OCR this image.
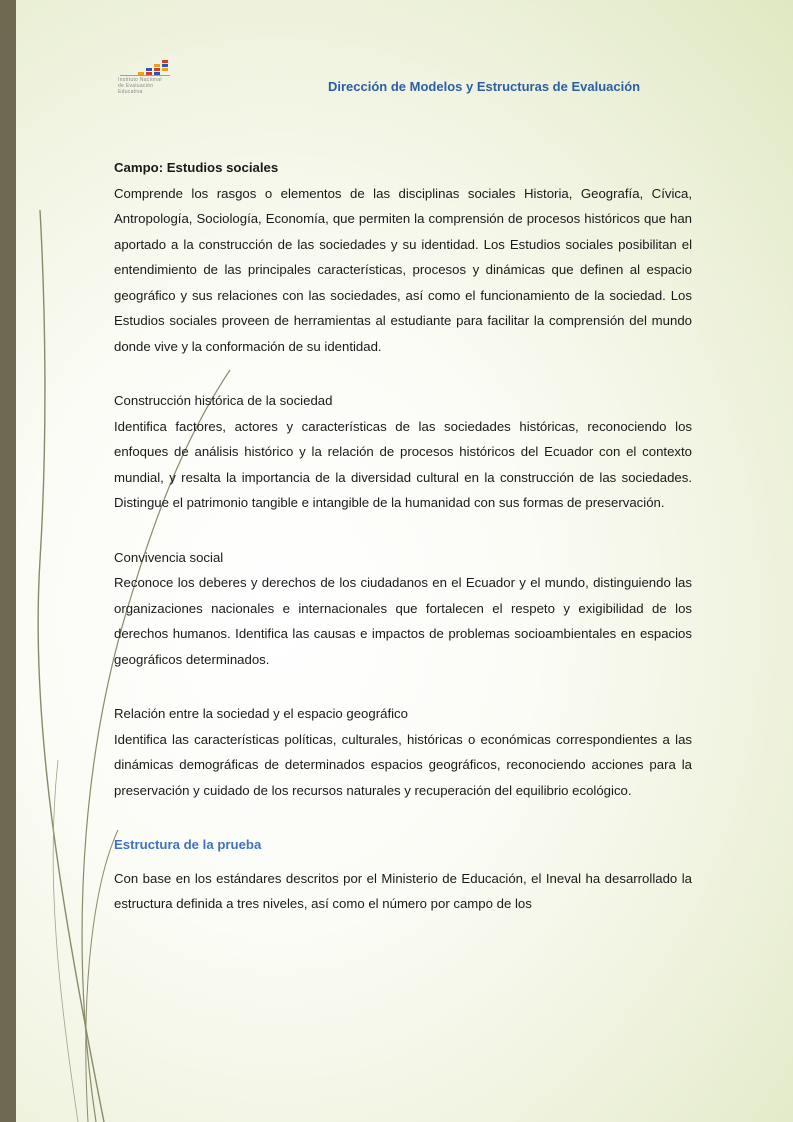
Instituto Nacional
de Evaluación
Educativa	Dirección de Modelos y Estructuras de Evaluación

Campo: Estudios sociales

Comprende los rasgos o elementos de las disciplinas sociales Historia, Geografía, Cívica, Antropología, Sociología, Economía, que permiten la comprensión de procesos históricos que han aportado a la construcción de las sociedades y su identidad. Los Estudios sociales posibilitan el entendimiento de las principales características, procesos y dinámicas que definen al espacio geográfico y sus relaciones con las sociedades, así como el funcionamiento de la sociedad. Los Estudios sociales proveen de herramientas al estudiante para facilitar la comprensión del mundo donde vive y la conformación de su identidad.

Construcción histórica de la sociedad

Identifica factores, actores y características de las sociedades históricas, reconociendo los enfoques de análisis histórico y la relación de procesos históricos del Ecuador con el contexto mundial, y resalta la importancia de la diversidad cultural en la construcción de las sociedades. Distingue el patrimonio tangible e intangible de la humanidad con sus formas de preservación.

Convivencia social

Reconoce los deberes y derechos de los ciudadanos en el Ecuador y el mundo, distinguiendo las organizaciones nacionales e internacionales que fortalecen el respeto y exigibilidad de los derechos humanos. Identifica las causas e impactos de problemas socioambientales en espacios geográficos determinados.

Relación entre la sociedad y el espacio geográfico

Identifica las características políticas, culturales, históricas o económicas correspondientes a las dinámicas demográficas de determinados espacios geográficos, reconociendo acciones para la preservación y cuidado de los recursos naturales y recuperación del equilibrio ecológico.

Estructura de la prueba

Con base en los estándares descritos por el Ministerio de Educación, el Ineval ha desarrollado la estructura definida a tres niveles, así como el número por campo de los
